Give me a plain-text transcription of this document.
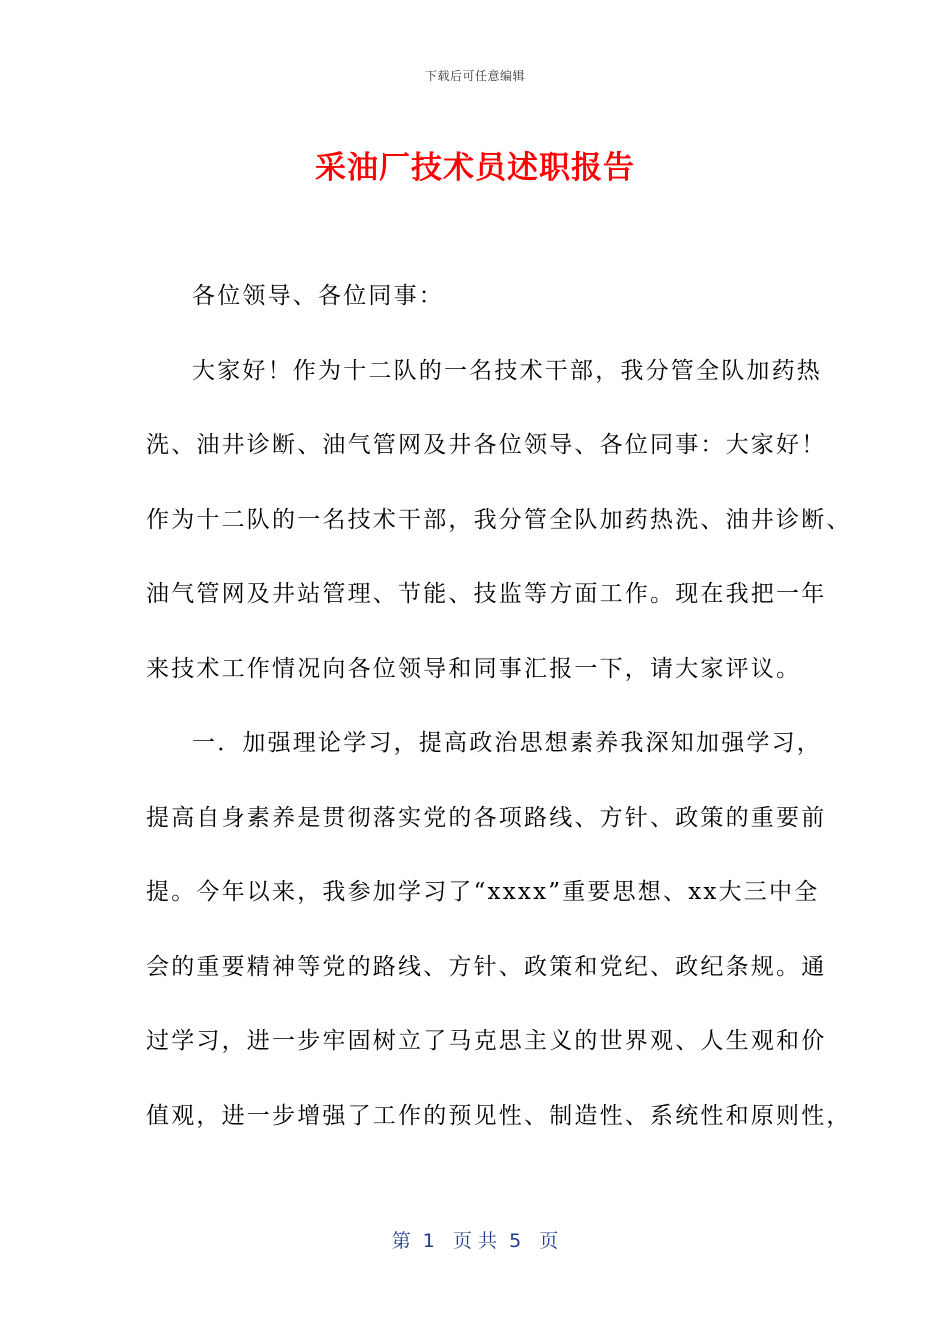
下载后可任意编辑
采油厂技术员述职报告
各位领导、各位同事：
大家好！作为十二队的一名技术干部，我分管全队加药热
洗、油井诊断、油气管网及井各位领导、各位同事：大家好！
作为十二队的一名技术干部，我分管全队加药热洗、油井诊断、
油气管网及井站管理、节能、技监等方面工作。现在我把一年
来技术工作情况向各位领导和同事汇报一下，请大家评议。
一．加强理论学习，提高政治思想素养我深知加强学习，
提高自身素养是贯彻落实党的各项路线、方针、政策的重要前
提。今年以来，我参加学习了“xxxx”重要思想、xx大三中全
会的重要精神等党的路线、方针、政策和党纪、政纪条规。通
过学习，进一步牢固树立了马克思主义的世界观、人生观和价
值观，进一步增强了工作的预见性、制造性、系统性和原则性，
第  1   页 共  5   页
